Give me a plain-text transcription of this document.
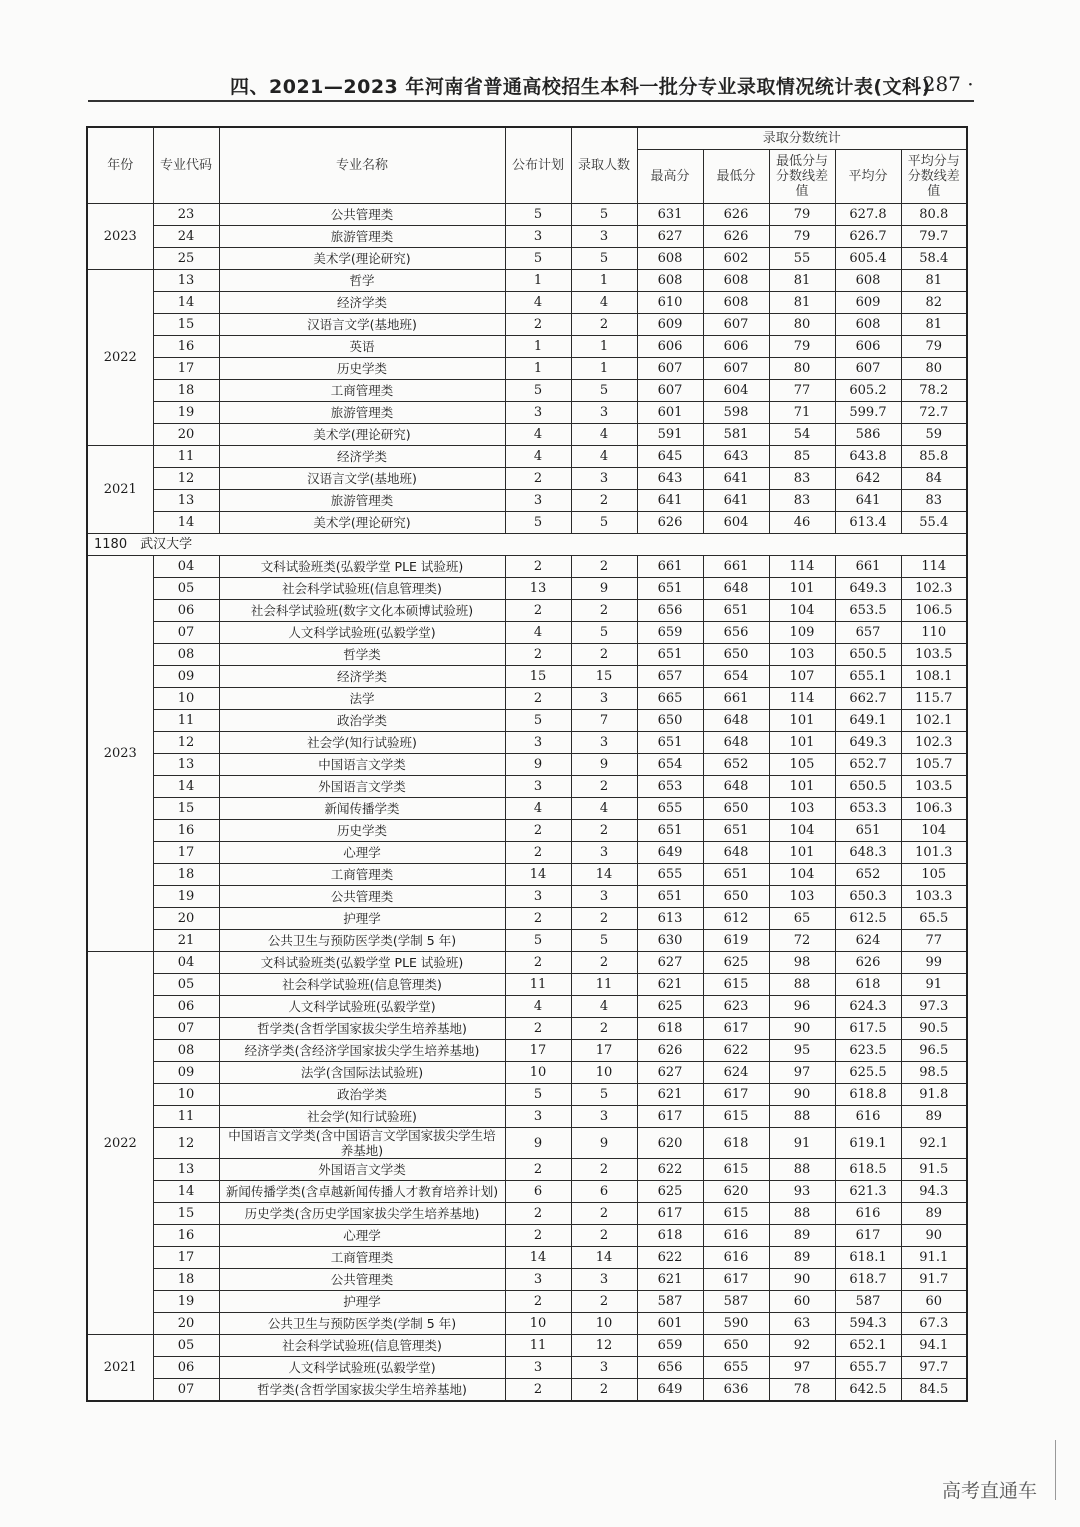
四、2021—2023 年河南省普通高校招生本科一批分专业录取情况统计表(文科)
· 287 ·
年份	专业代码	专业名称	公布计划	录取人数	录取分数统计				
					最高分	最低分	最低分与分数线差值	平均分	平均分与分数线差值
2023	23	公共管理类	5	5	631	626	79	627.8	80.8
	24	旅游管理类	3	3	627	626	79	626.7	79.7
	25	美术学(理论研究)	5	5	608	602	55	605.4	58.4
2022	13	哲学	1	1	608	608	81	608	81
	14	经济学类	4	4	610	608	81	609	82
	15	汉语言文学(基地班)	2	2	609	607	80	608	81
	16	英语	1	1	606	606	79	606	79
	17	历史学类	1	1	607	607	80	607	80
	18	工商管理类	5	5	607	604	77	605.2	78.2
	19	旅游管理类	3	3	601	598	71	599.7	72.7
	20	美术学(理论研究)	4	4	591	581	54	586	59
2021	11	经济学类	4	4	645	643	85	643.8	85.8
	12	汉语言文学(基地班)	2	3	643	641	83	642	84
	13	旅游管理类	3	2	641	641	83	641	83
	14	美术学(理论研究)	5	5	626	604	46	613.4	55.4
1180　武汉大学									
2023	04	文科试验班类(弘毅学堂 PLE 试验班)	2	2	661	661	114	661	114
	05	社会科学试验班(信息管理类)	13	9	651	648	101	649.3	102.3
	06	社会科学试验班(数字文化本硕博试验班)	2	2	656	651	104	653.5	106.5
	07	人文科学试验班(弘毅学堂)	4	5	659	656	109	657	110
	08	哲学类	2	2	651	650	103	650.5	103.5
	09	经济学类	15	15	657	654	107	655.1	108.1
	10	法学	2	3	665	661	114	662.7	115.7
	11	政治学类	5	7	650	648	101	649.1	102.1
	12	社会学(知行试验班)	3	3	651	648	101	649.3	102.3
	13	中国语言文学类	9	9	654	652	105	652.7	105.7
	14	外国语言文学类	3	2	653	648	101	650.5	103.5
	15	新闻传播学类	4	4	655	650	103	653.3	106.3
	16	历史学类	2	2	651	651	104	651	104
	17	心理学	2	3	649	648	101	648.3	101.3
	18	工商管理类	14	14	655	651	104	652	105
	19	公共管理类	3	3	651	650	103	650.3	103.3
	20	护理学	2	2	613	612	65	612.5	65.5
	21	公共卫生与预防医学类(学制 5 年)	5	5	630	619	72	624	77
2022	04	文科试验班类(弘毅学堂 PLE 试验班)	2	2	627	625	98	626	99
	05	社会科学试验班(信息管理类)	11	11	621	615	88	618	91
	06	人文科学试验班(弘毅学堂)	4	4	625	623	96	624.3	97.3
	07	哲学类(含哲学国家拔尖学生培养基地)	2	2	618	617	90	617.5	90.5
	08	经济学类(含经济学国家拔尖学生培养基地)	17	17	626	622	95	623.5	96.5
	09	法学(含国际法试验班)	10	10	627	624	97	625.5	98.5
	10	政治学类	5	5	621	617	90	618.8	91.8
	11	社会学(知行试验班)	3	3	617	615	88	616	89
	12	中国语言文学类(含中国语言文学国家拔尖学生培养基地)	9	9	620	618	91	619.1	92.1
	13	外国语言文学类	2	2	622	615	88	618.5	91.5
	14	新闻传播学类(含卓越新闻传播人才教育培养计划)	6	6	625	620	93	621.3	94.3
	15	历史学类(含历史学国家拔尖学生培养基地)	2	2	617	615	88	616	89
	16	心理学	2	2	618	616	89	617	90
	17	工商管理类	14	14	622	616	89	618.1	91.1
	18	公共管理类	3	3	621	617	90	618.7	91.7
	19	护理学	2	2	587	587	60	587	60
	20	公共卫生与预防医学类(学制 5 年)	10	10	601	590	63	594.3	67.3
2021	05	社会科学试验班(信息管理类)	11	12	659	650	92	652.1	94.1
	06	人文科学试验班(弘毅学堂)	3	3	656	655	97	655.7	97.7
	07	哲学类(含哲学国家拔尖学生培养基地)	2	2	649	636	78	642.5	84.5
高考直通车
